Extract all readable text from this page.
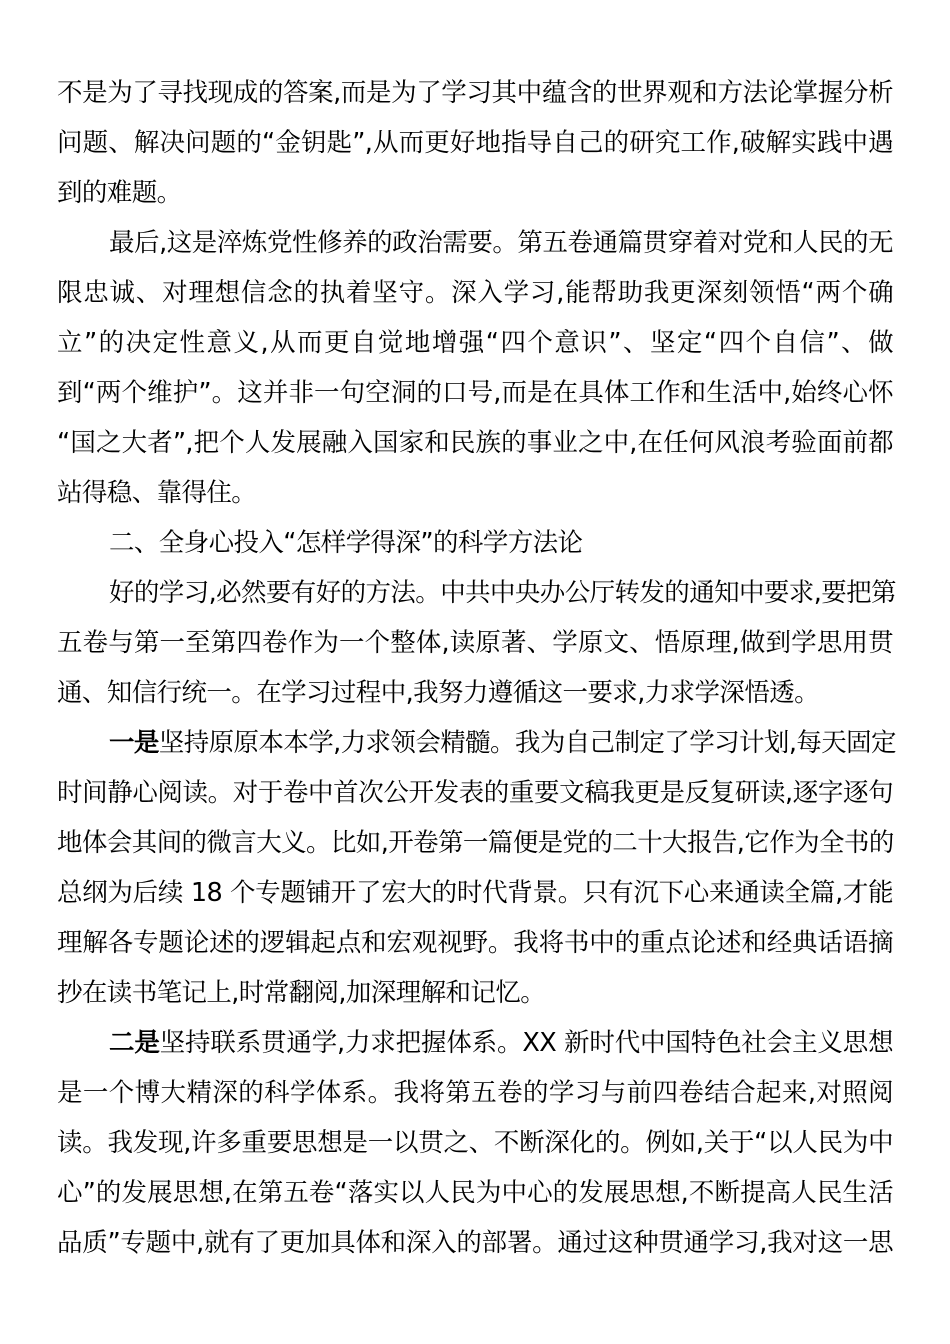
不是为了寻找现成的答案,而是为了学习其中蕴含的世界观和方法论掌握分析
问题、解决问题的“金钥匙”,从而更好地指导自己的研究工作,破解实践中遇
到的难题。
最后,这是淬炼党性修养的政治需要。第五卷通篇贯穿着对党和人民的无
限忠诚、对理想信念的执着坚守。深入学习,能帮助我更深刻领悟“两个确
立”的决定性意义,从而更自觉地增强“四个意识”、坚定“四个自信”、做
到“两个维护”。这并非一句空洞的口号,而是在具体工作和生活中,始终心怀
“国之大者”,把个人发展融入国家和民族的事业之中,在任何风浪考验面前都
站得稳、靠得住。
二、全身心投入“怎样学得深”的科学方法论
好的学习,必然要有好的方法。中共中央办公厅转发的通知中要求,要把第
五卷与第一至第四卷作为一个整体,读原著、学原文、悟原理,做到学思用贯
通、知信行统一。在学习过程中,我努力遵循这一要求,力求学深悟透。
一是坚持原原本本学,力求领会精髓。我为自己制定了学习计划,每天固定
时间静心阅读。对于卷中首次公开发表的重要文稿我更是反复研读,逐字逐句
地体会其间的微言大义。比如,开卷第一篇便是党的二十大报告,它作为全书的
总纲为后续 18 个专题铺开了宏大的时代背景。只有沉下心来通读全篇,才能
理解各专题论述的逻辑起点和宏观视野。我将书中的重点论述和经典话语摘
抄在读书笔记上,时常翻阅,加深理解和记忆。
二是坚持联系贯通学,力求把握体系。XX 新时代中国特色社会主义思想
是一个博大精深的科学体系。我将第五卷的学习与前四卷结合起来,对照阅
读。我发现,许多重要思想是一以贯之、不断深化的。例如,关于“以人民为中
心”的发展思想,在第五卷“落实以人民为中心的发展思想,不断提高人民生活
品质”专题中,就有了更加具体和深入的部署。通过这种贯通学习,我对这一思
